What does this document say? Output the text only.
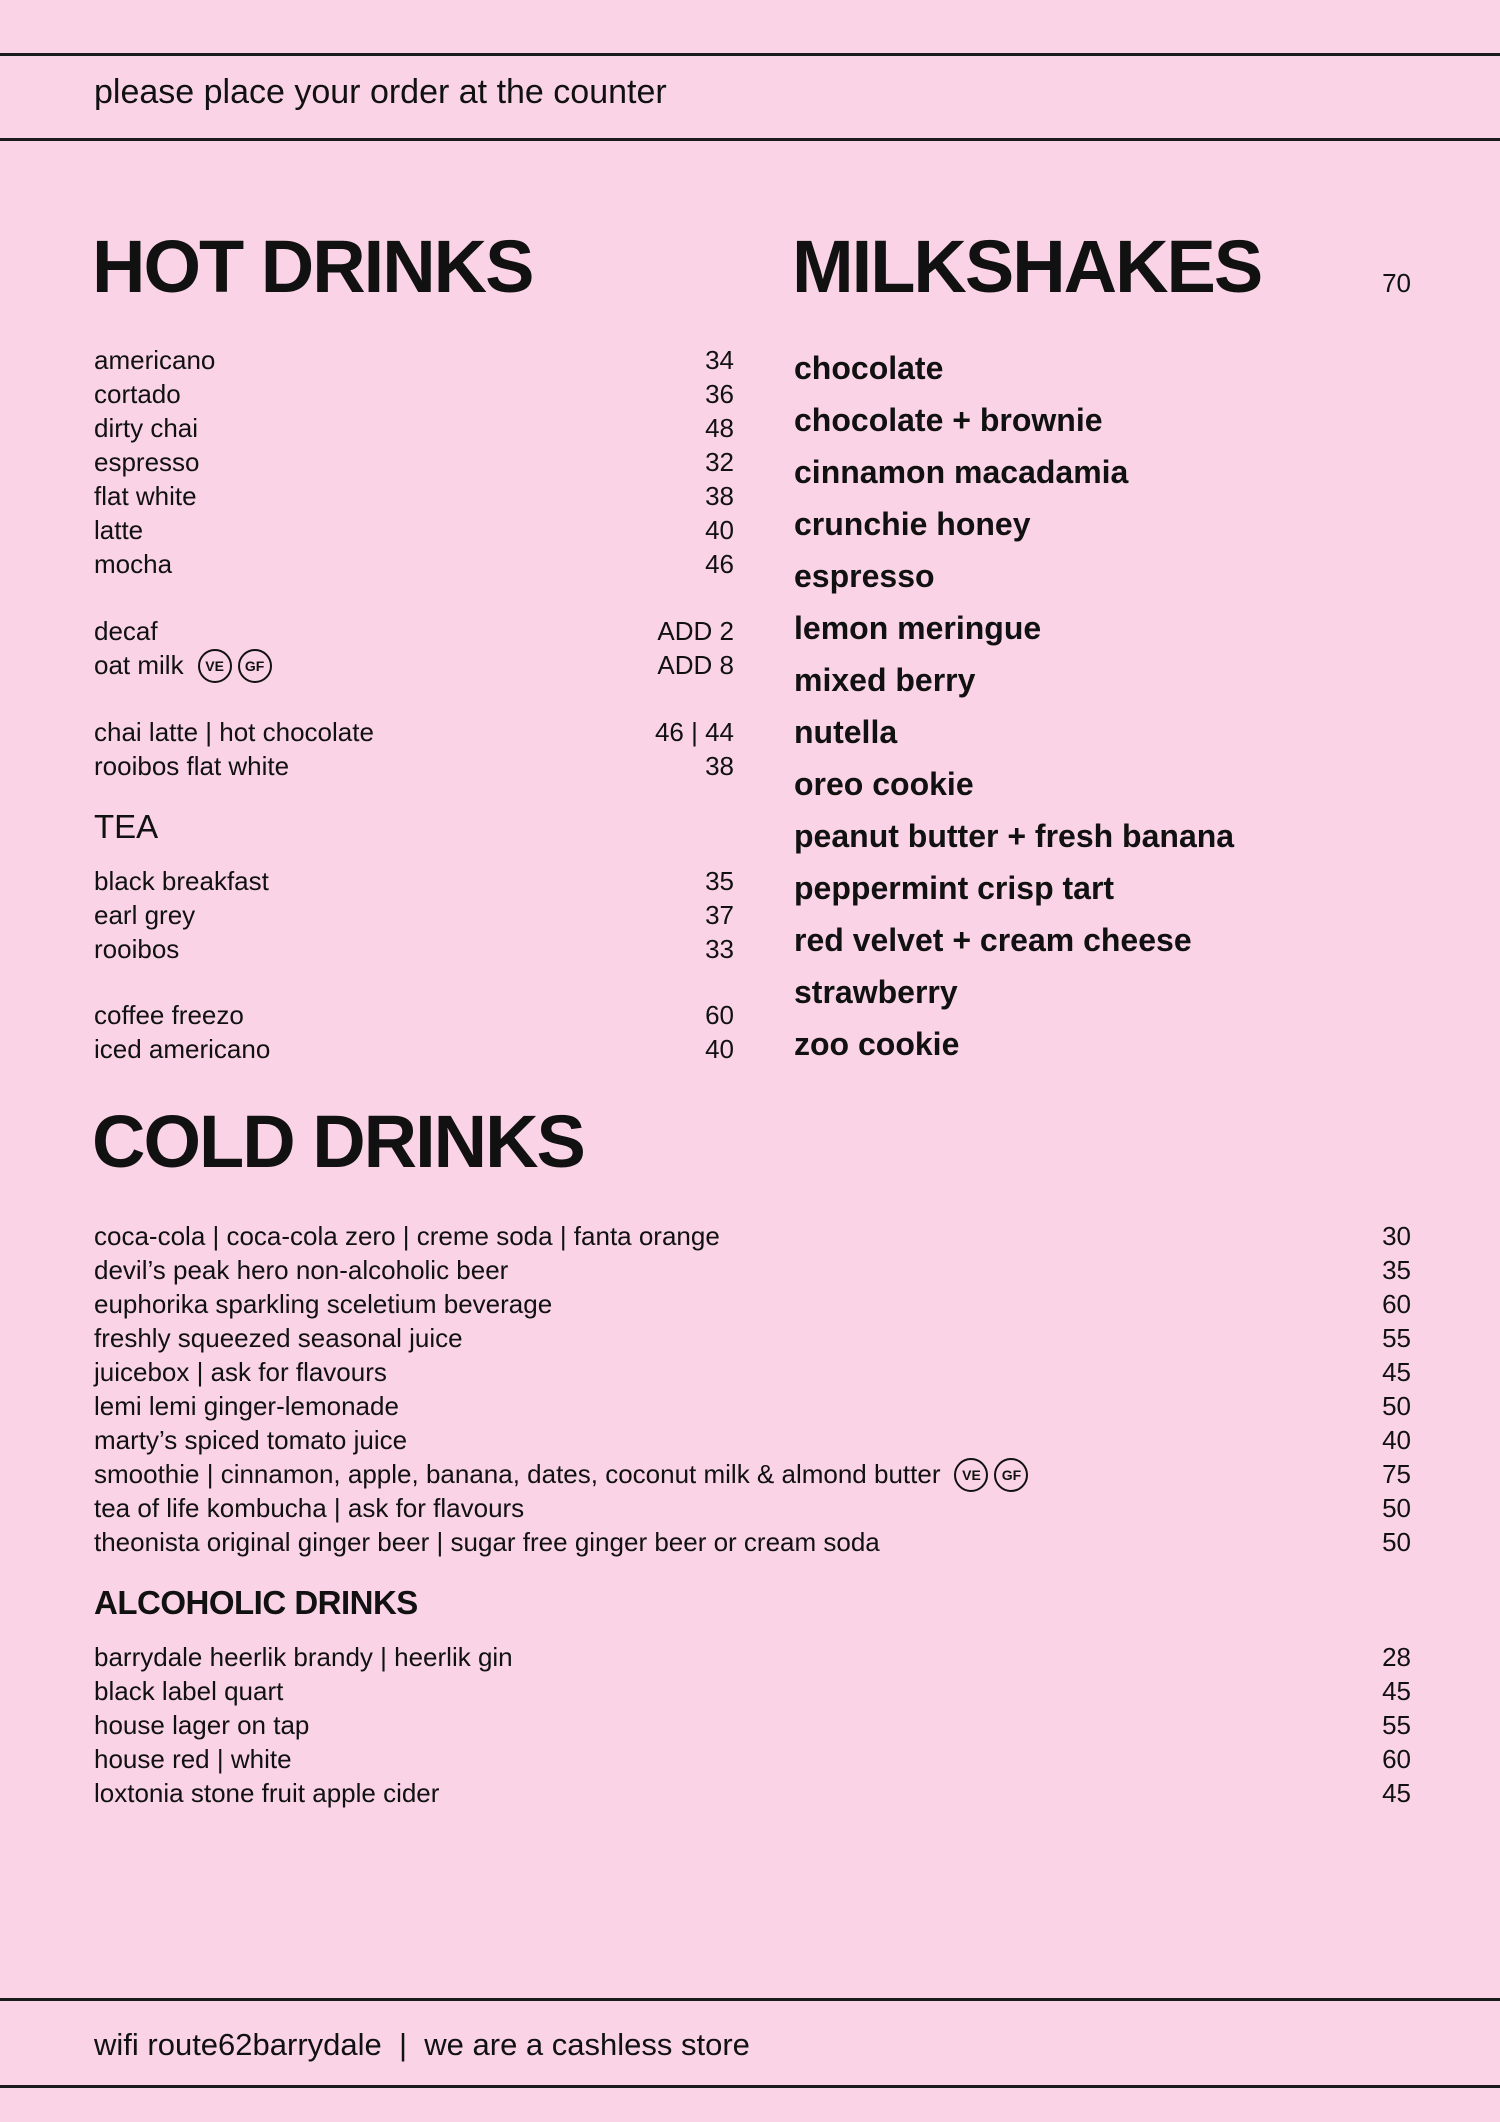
please place your order at the counter
HOT DRINKS
americano	34
cortado	36
dirty chai	48
espresso	32
flat white	38
latte	40
mocha	46
decaf	ADD 2
oat milk VE GF	ADD 8
chai latte | hot chocolate	46 | 44
rooibos flat white	38
TEA
black breakfast	35
earl grey	37
rooibos	33
coffee freezo	60
iced americano	40
MILKSHAKES	70
chocolate
chocolate + brownie
cinnamon macadamia
crunchie honey
espresso
lemon meringue
mixed berry
nutella
oreo cookie
peanut butter + fresh banana
peppermint crisp tart
red velvet + cream cheese
strawberry
zoo cookie
COLD DRINKS
coca-cola | coca-cola zero | creme soda | fanta orange	30
devil’s peak hero non-alcoholic beer	35
euphorika sparkling sceletium beverage	60
freshly squeezed seasonal juice	55
juicebox | ask for flavours	45
lemi lemi ginger-lemonade	50
marty’s spiced tomato juice	40
smoothie | cinnamon, apple, banana, dates, coconut milk & almond butter VE GF	75
tea of life kombucha | ask for flavours	50
theonista original ginger beer | sugar free ginger beer or cream soda	50
ALCOHOLIC DRINKS
barrydale heerlik brandy | heerlik gin	28
black label quart	45
house lager on tap	55
house red | white	60
loxtonia stone fruit apple cider	45
wifi route62barrydale  |  we are a cashless store
